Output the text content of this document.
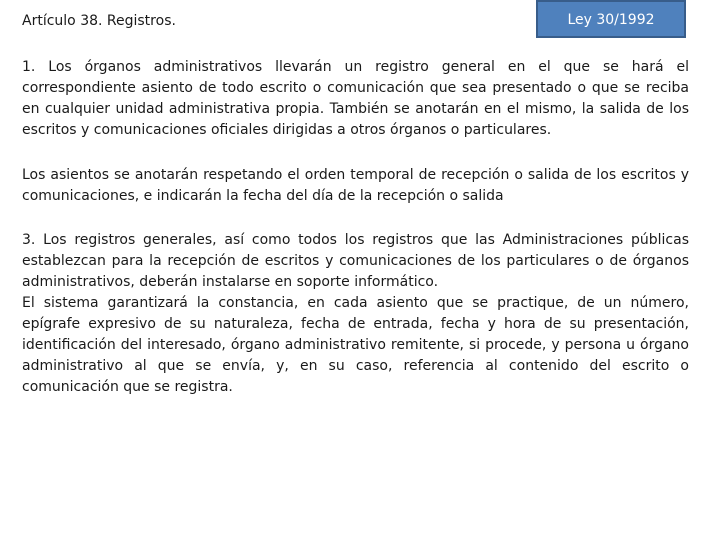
Artículo 38. Registros.	Ley 30/1992

1. Los órganos administrativos llevarán un registro general en el que se hará el correspondiente asiento de todo escrito o comunicación que sea presentado o que se reciba en cualquier unidad administrativa propia. También se anotarán en el mismo, la salida de los escritos y comunicaciones oficiales dirigidas a otros órganos o particulares.

Los asientos se anotarán respetando el orden temporal de recepción o salida de los escritos y comunicaciones, e indicarán la fecha del día de la recepción o salida

3. Los registros generales, así como todos los registros que las Administraciones públicas establezcan para la recepción de escritos y comunicaciones de los particulares o de órganos administrativos, deberán instalarse en soporte informático.

El sistema garantizará la constancia, en cada asiento que se practique, de un número, epígrafe expresivo de su naturaleza, fecha de entrada, fecha y hora de su presentación, identificación del interesado, órgano administrativo remitente, si procede, y persona u órgano administrativo al que se envía, y, en su caso, referencia al contenido del escrito o comunicación que se registra.
